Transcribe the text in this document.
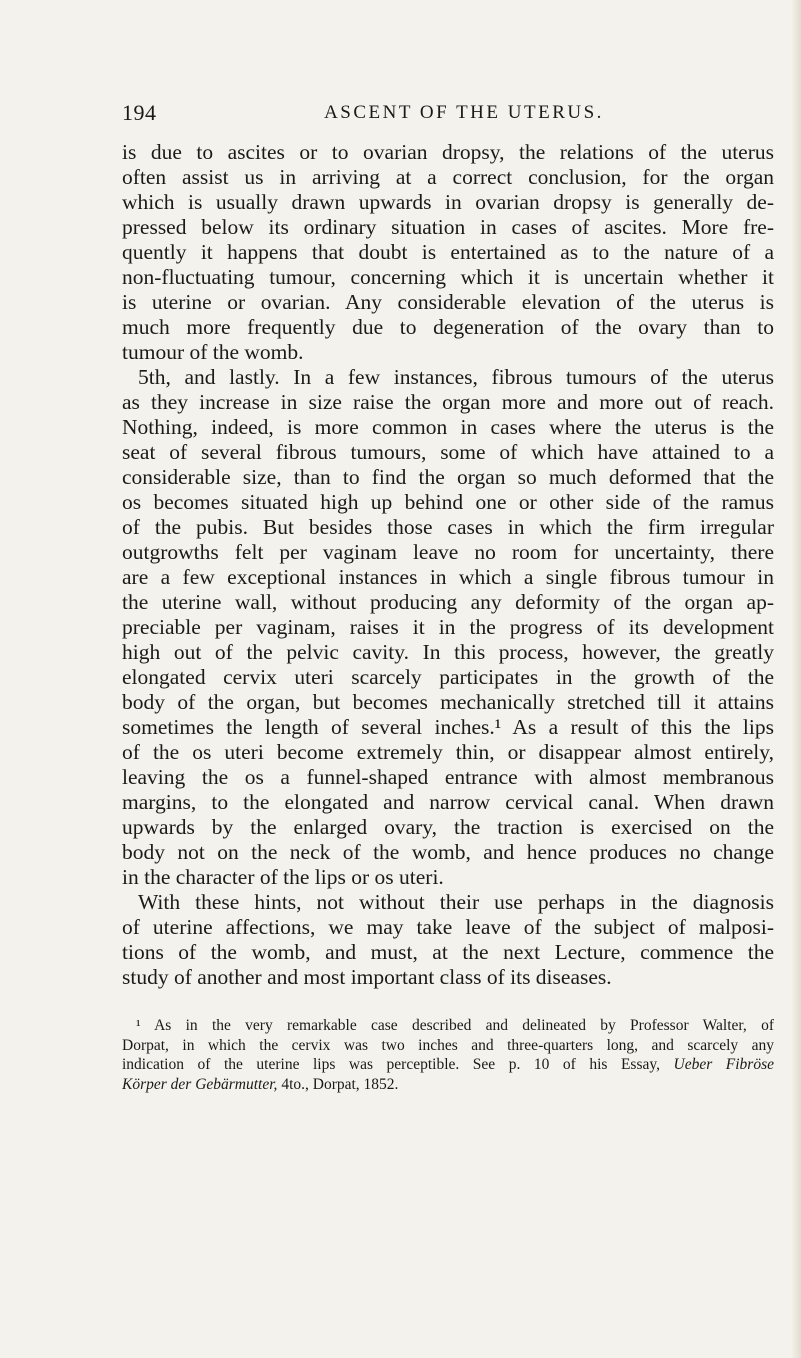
194	ASCENT OF THE UTERUS.
is due to ascites or to ovarian dropsy, the relations of the uterus
often assist us in arriving at a correct conclusion, for the organ
which is usually drawn upwards in ovarian dropsy is generally de-
pressed below its ordinary situation in cases of ascites. More fre-
quently it happens that doubt is entertained as to the nature of a
non-fluctuating tumour, concerning which it is uncertain whether it
is uterine or ovarian. Any considerable elevation of the uterus is
much more frequently due to degeneration of the ovary than to
tumour of the womb.
5th, and lastly. In a few instances, fibrous tumours of the uterus
as they increase in size raise the organ more and more out of reach.
Nothing, indeed, is more common in cases where the uterus is the
seat of several fibrous tumours, some of which have attained to a
considerable size, than to find the organ so much deformed that the
os becomes situated high up behind one or other side of the ramus
of the pubis. But besides those cases in which the firm irregular
outgrowths felt per vaginam leave no room for uncertainty, there
are a few exceptional instances in which a single fibrous tumour in
the uterine wall, without producing any deformity of the organ ap-
preciable per vaginam, raises it in the progress of its development
high out of the pelvic cavity. In this process, however, the greatly
elongated cervix uteri scarcely participates in the growth of the
body of the organ, but becomes mechanically stretched till it attains
sometimes the length of several inches.¹ As a result of this the lips
of the os uteri become extremely thin, or disappear almost entirely,
leaving the os a funnel-shaped entrance with almost membranous
margins, to the elongated and narrow cervical canal. When drawn
upwards by the enlarged ovary, the traction is exercised on the
body not on the neck of the womb, and hence produces no change
in the character of the lips or os uteri.
With these hints, not without their use perhaps in the diagnosis
of uterine affections, we may take leave of the subject of malposi-
tions of the womb, and must, at the next Lecture, commence the
study of another and most important class of its diseases.
¹ As in the very remarkable case described and delineated by Professor Walter, of
Dorpat, in which the cervix was two inches and three-quarters long, and scarcely any
indication of the uterine lips was perceptible. See p. 10 of his Essay, Ueber Fibröse
Körper der Gebärmutter, 4to., Dorpat, 1852.
